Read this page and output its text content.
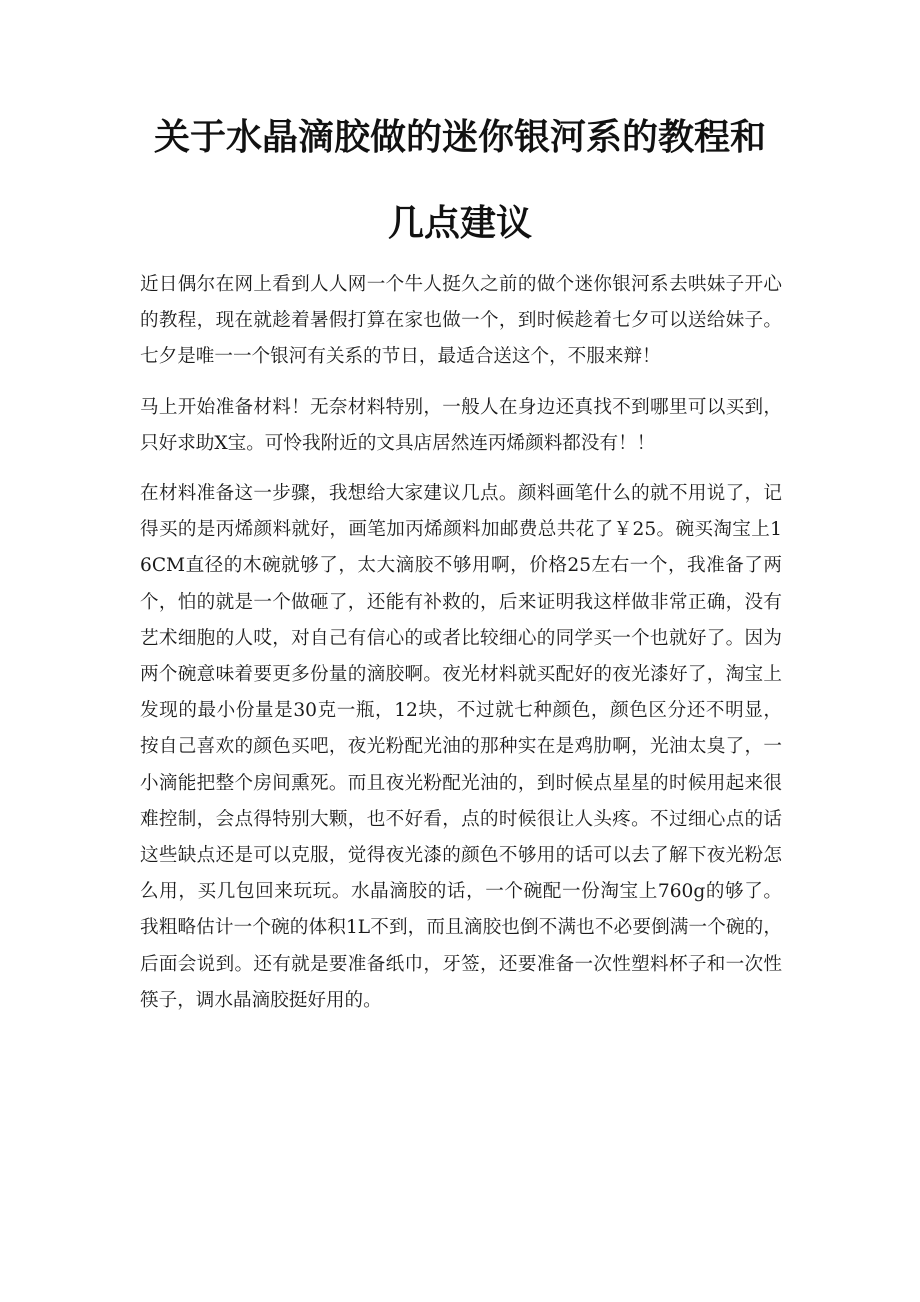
关于水晶滴胶做的迷你银河系的教程和
几点建议

近日偶尔在网上看到人人网一个牛人挺久之前的做个迷你银河系去哄妹子开心的教程，现在就趁着暑假打算在家也做一个，到时候趁着七夕可以送给妹子。七夕是唯一一个银河有关系的节日，最适合送这个，不服来辩！

马上开始准备材料！无奈材料特别，一般人在身边还真找不到哪里可以买到，只好求助X宝。可怜我附近的文具店居然连丙烯颜料都没有！！

在材料准备这一步骤，我想给大家建议几点。颜料画笔什么的就不用说了，记得买的是丙烯颜料就好，画笔加丙烯颜料加邮费总共花了￥25。碗买淘宝上16CM直径的木碗就够了，太大滴胶不够用啊，价格25左右一个，我准备了两个，怕的就是一个做砸了，还能有补救的，后来证明我这样做非常正确，没有艺术细胞的人哎，对自己有信心的或者比较细心的同学买一个也就好了。因为两个碗意味着要更多份量的滴胶啊。夜光材料就买配好的夜光漆好了，淘宝上发现的最小份量是30克一瓶，12块，不过就七种颜色，颜色区分还不明显，按自己喜欢的颜色买吧，夜光粉配光油的那种实在是鸡肋啊，光油太臭了，一小滴能把整个房间熏死。而且夜光粉配光油的，到时候点星星的时候用起来很难控制，会点得特别大颗，也不好看，点的时候很让人头疼。不过细心点的话这些缺点还是可以克服，觉得夜光漆的颜色不够用的话可以去了解下夜光粉怎么用，买几包回来玩玩。水晶滴胶的话，一个碗配一份淘宝上760g的够了。我粗略估计一个碗的体积1L不到，而且滴胶也倒不满也不必要倒满一个碗的，后面会说到。还有就是要准备纸巾，牙签，还要准备一次性塑料杯子和一次性筷子，调水晶滴胶挺好用的。
